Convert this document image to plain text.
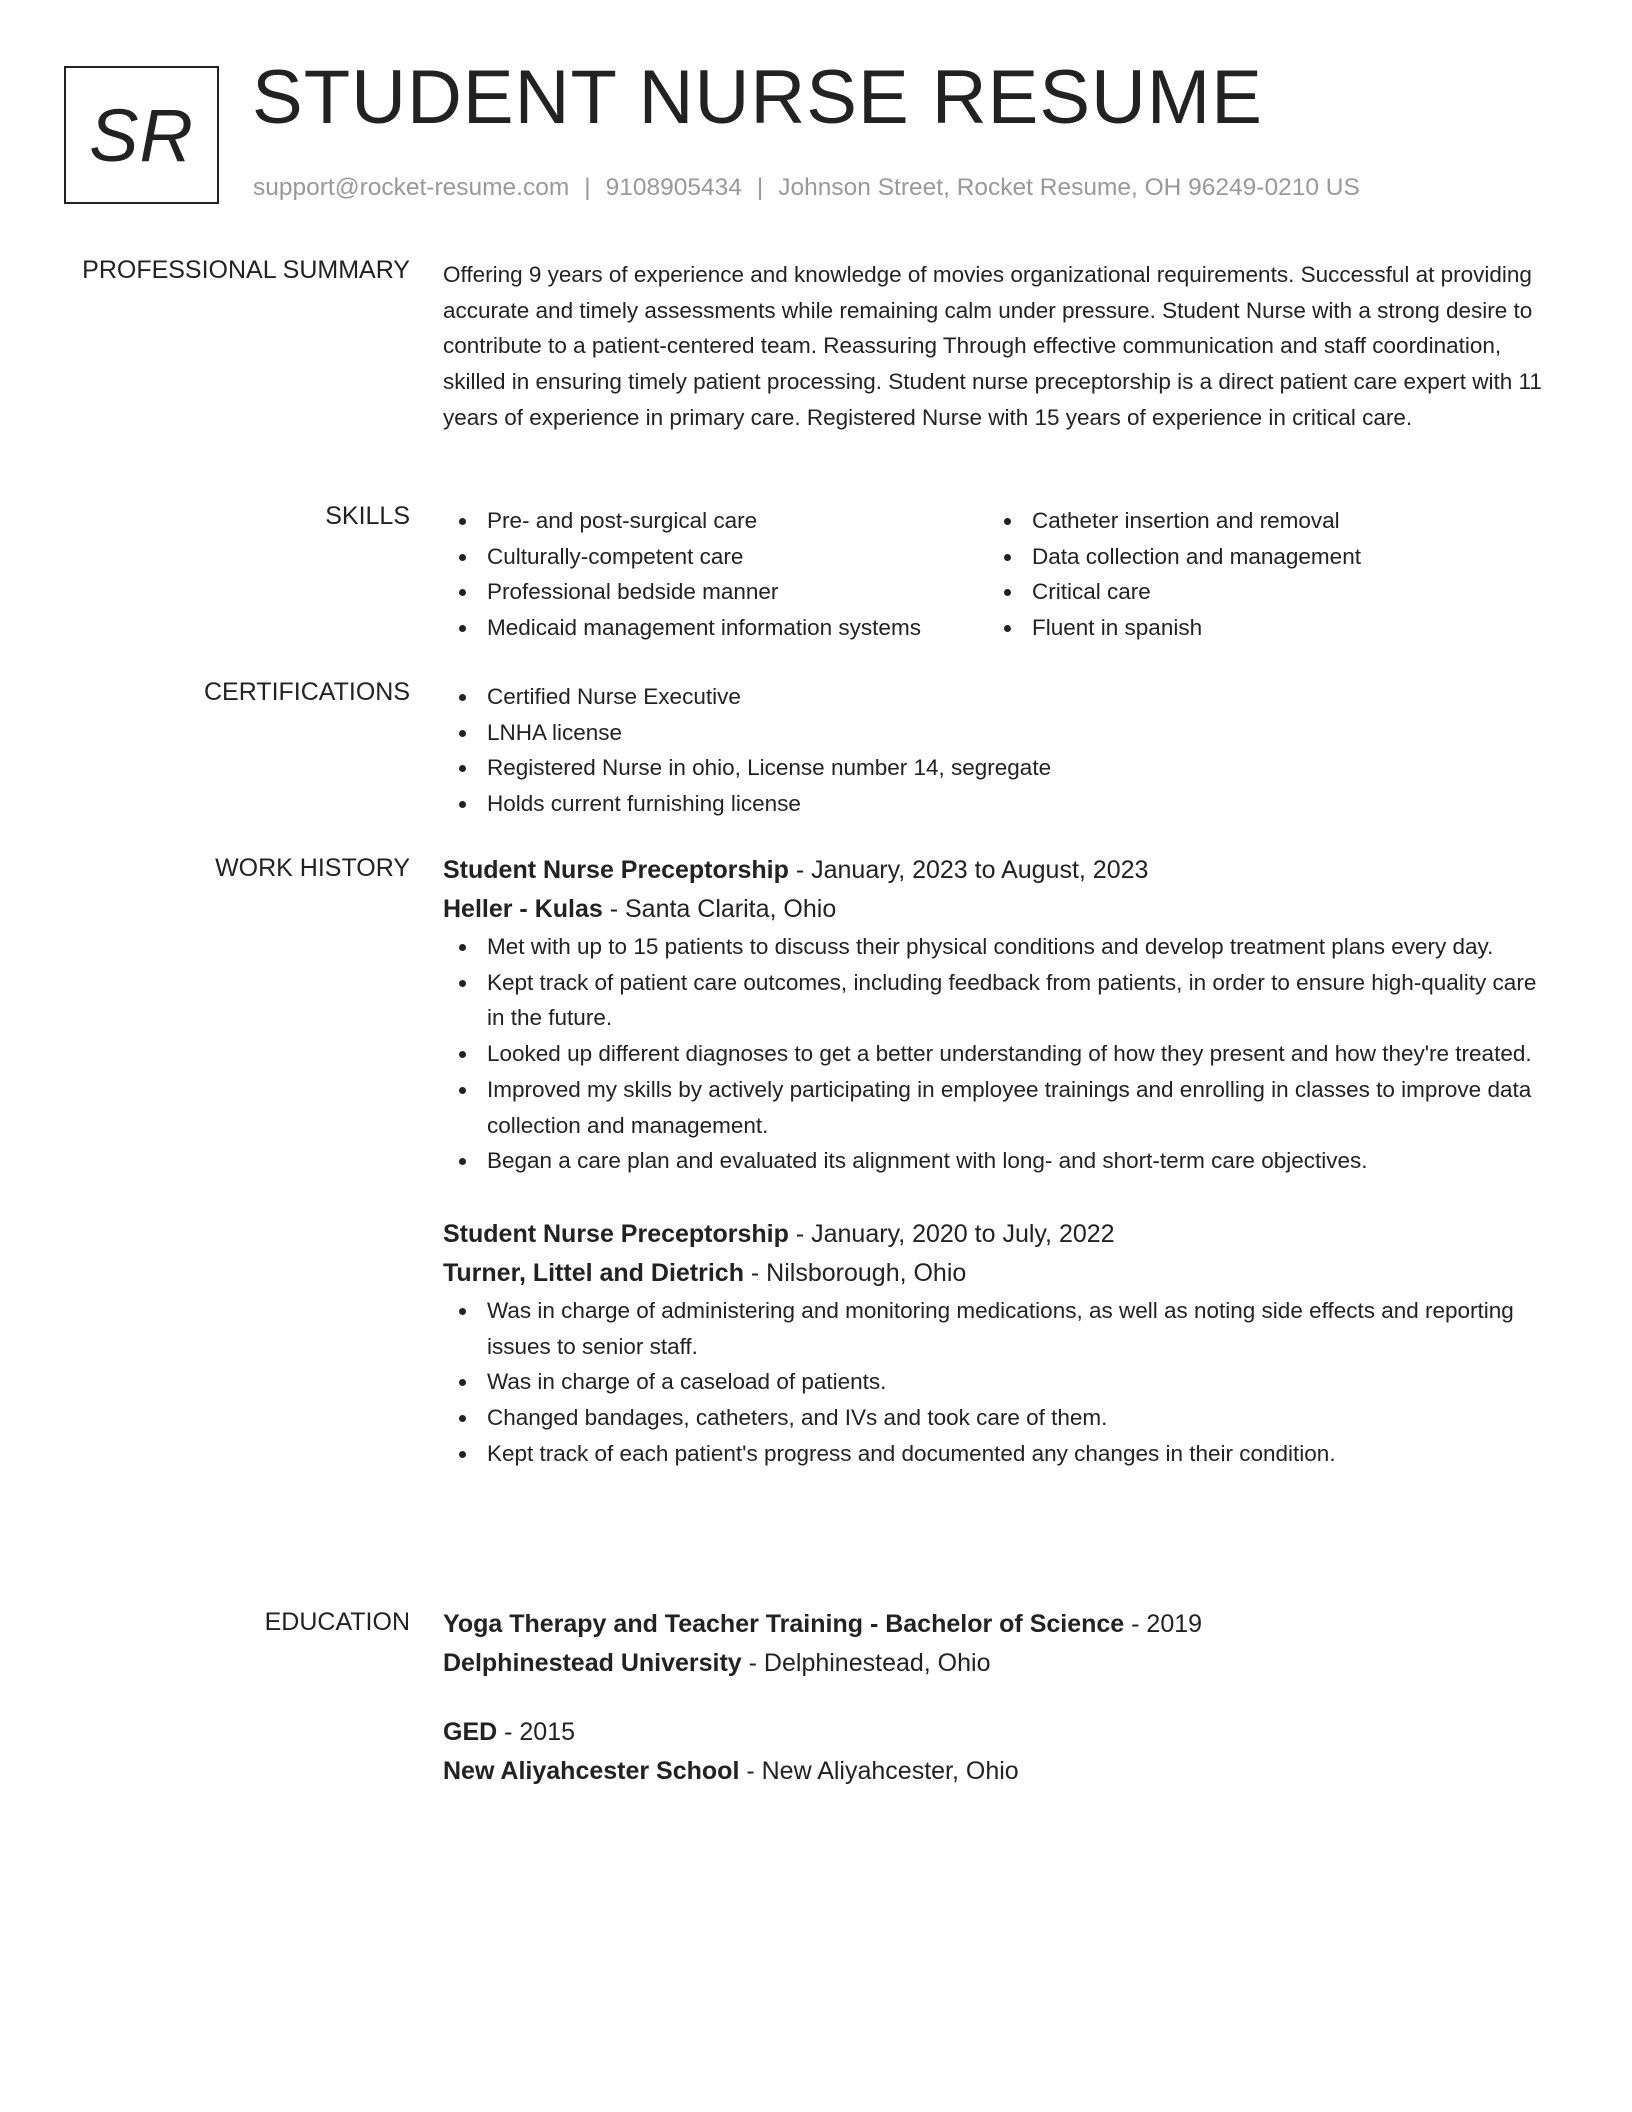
SR STUDENT NURSE RESUME
support@rocket-resume.com | 9108905434 | Johnson Street, Rocket Resume, OH 96249-0210 US
PROFESSIONAL SUMMARY Offering 9 years of experience and knowledge of movies organizational requirements. Successful at providing accurate and timely assessments while remaining calm under pressure. Student Nurse with a strong desire to contribute to a patient-centered team. Reassuring Through effective communication and staff coordination, skilled in ensuring timely patient processing. Student nurse preceptorship is a direct patient care expert with 11 years of experience in primary care. Registered Nurse with 15 years of experience in critical care.

SKILLS	Pre- and post-surgical care
Culturally-competent care
Professional bedside manner
Medicaid management information systems
Catheter insertion and removal
Data collection and management
Critical care
Fluent in spanish
CERTIFICATIONS	Certified Nurse Executive
LNHA license
Registered Nurse in ohio, License number 14, segregate
Holds current furnishing license
WORK HISTORY Student Nurse Preceptorship - January, 2023 to August, 2023
Heller - Kulas - Santa Clarita, Ohio
Met with up to 15 patients to discuss their physical conditions and develop treatment plans every day.
Kept track of patient care outcomes, including feedback from patients, in order to ensure high-quality care in the future.
Looked up different diagnoses to get a better understanding of how they present and how they're treated.
Improved my skills by actively participating in employee trainings and enrolling in classes to improve data collection and management.
Began a care plan and evaluated its alignment with long- and short-term care objectives.
Student Nurse Preceptorship - January, 2020 to July, 2022
Turner, Littel and Dietrich - Nilsborough, Ohio
Was in charge of administering and monitoring medications, as well as noting side effects and reporting issues to senior staff.
Was in charge of a caseload of patients.
Changed bandages, catheters, and IVs and took care of them.
Kept track of each patient's progress and documented any changes in their condition.
EDUCATION Yoga Therapy and Teacher Training - Bachelor of Science - 2019
Delphinestead University - Delphinestead, Ohio
GED - 2015
New Aliyahcester School - New Aliyahcester, Ohio
